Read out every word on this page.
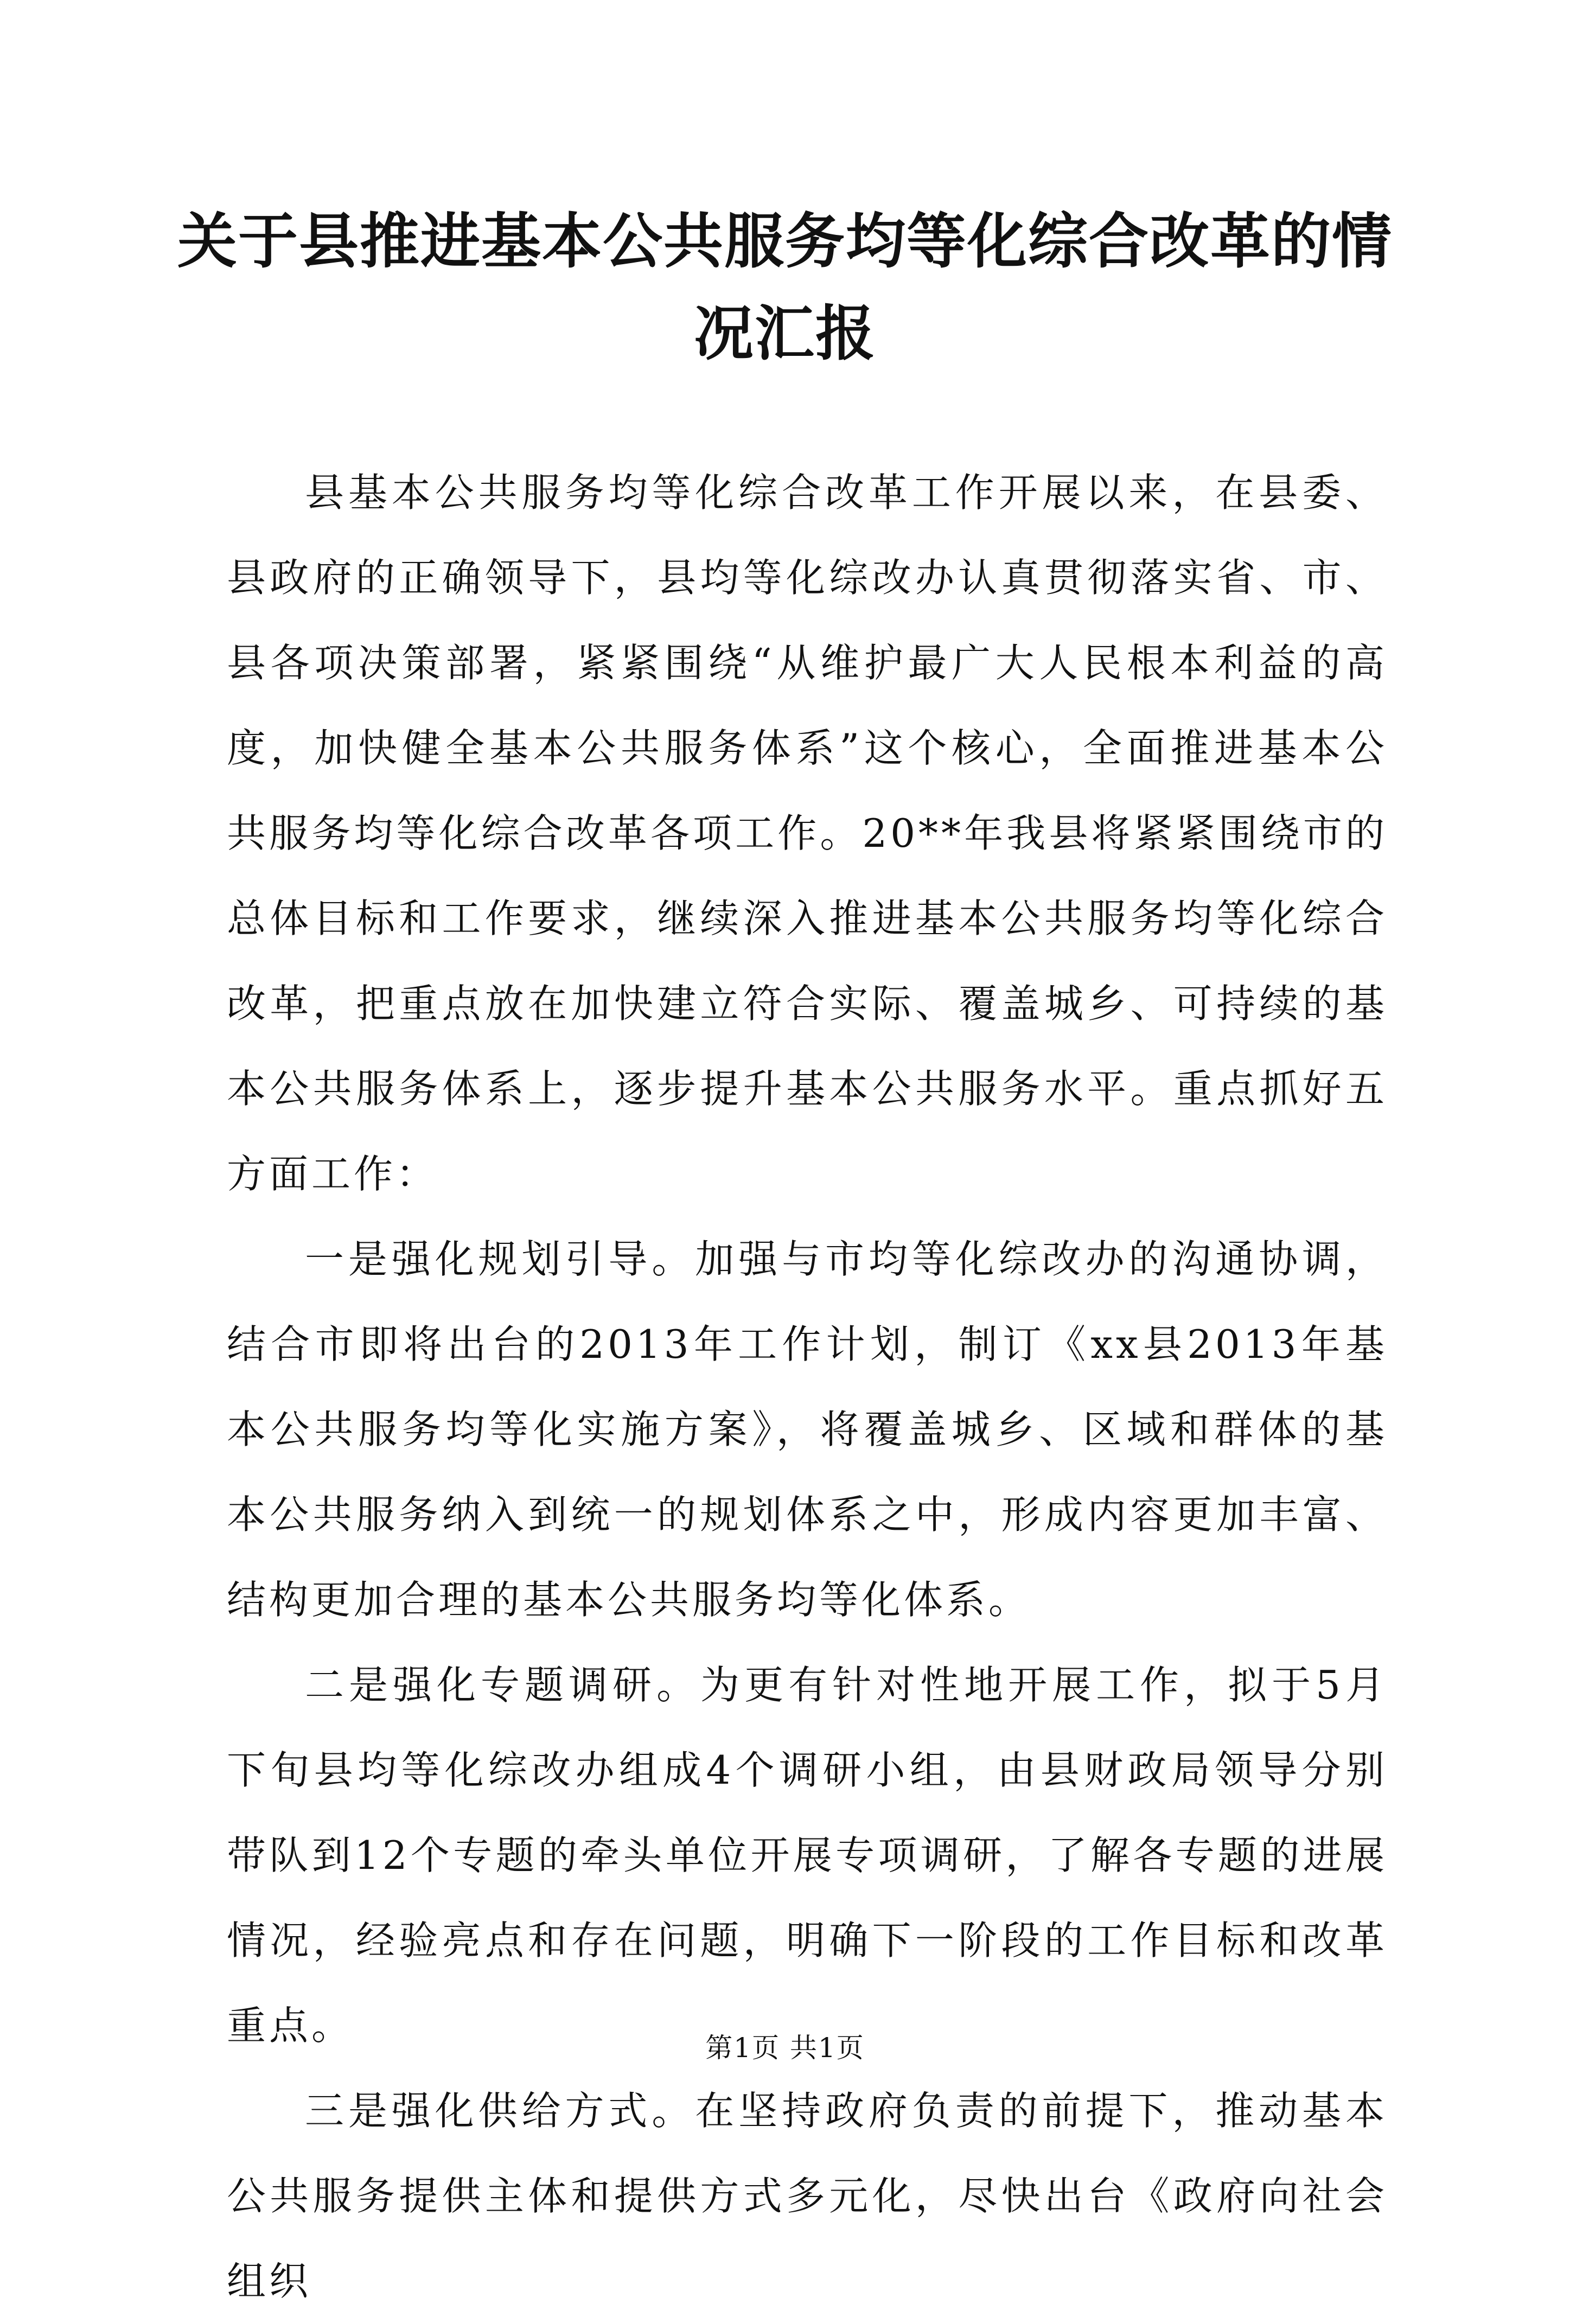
关于县推进基本公共服务均等化综合改革的情况汇报

县基本公共服务均等化综合改革工作开展以来，在县委、县政府的正确领导下，县均等化综改办认真贯彻落实省、市、县各项决策部署，紧紧围绕“从维护最广大人民根本利益的高度，加快健全基本公共服务体系”这个核心，全面推进基本公共服务均等化综合改革各项工作。20**年我县将紧紧围绕市的总体目标和工作要求，继续深入推进基本公共服务均等化综合改革，把重点放在加快建立符合实际、覆盖城乡、可持续的基本公共服务体系上，逐步提升基本公共服务水平。重点抓好五方面工作：

一是强化规划引导。加强与市均等化综改办的沟通协调，结合市即将出台的2013年工作计划，制订《xx县2013年基本公共服务均等化实施方案》，将覆盖城乡、区域和群体的基本公共服务纳入到统一的规划体系之中，形成内容更加丰富、结构更加合理的基本公共服务均等化体系。

二是强化专题调研。为更有针对性地开展工作，拟于5月下旬县均等化综改办组成4个调研小组，由县财政局领导分别带队到12个专题的牵头单位开展专项调研，了解各专题的进展情况，经验亮点和存在问题，明确下一阶段的工作目标和改革重点。

三是强化供给方式。在坚持政府负责的前提下，推动基本公共服务提供主体和提供方式多元化，尽快出台《政府向社会组织

第1页 共1页
